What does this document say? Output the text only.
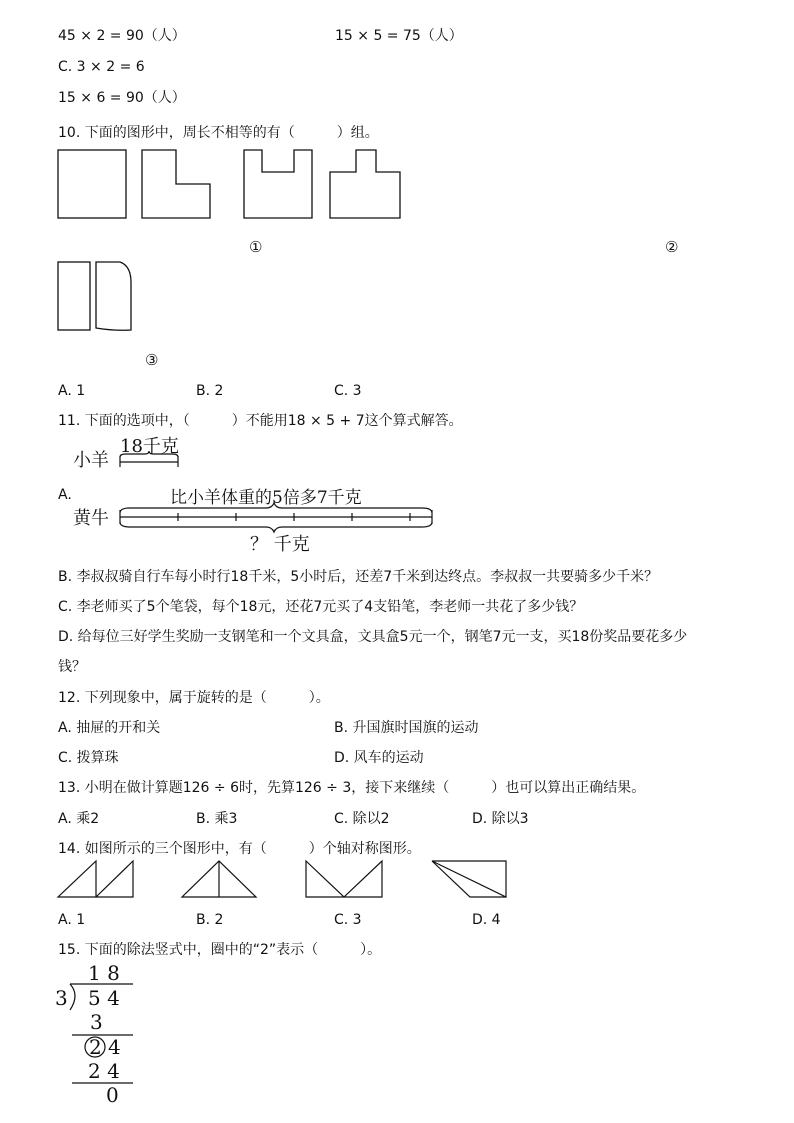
45 × 2 = 90（人）	15 × 5 = 75（人）
C. 3 × 2 = 6
15 × 6 = 90（人）
10. 下面的图形中，周长不相等的有（　　　）组。
①	②
③
A. 1	B. 2	C. 3
11. 下面的选项中，（　　　）不能用18 × 5 + 7这个算式解答。
A.
小羊
18千克
黄牛
比小羊体重的5倍多7千克
？ 千克
B. 李叔叔骑自行车每小时行18千米，5小时后，还差7千米到达终点。李叔叔一共要骑多少千米？
C. 李老师买了5个笔袋，每个18元，还花7元买了4支铅笔，李老师一共花了多少钱？
D. 给每位三好学生奖励一支钢笔和一个文具盒，文具盒5元一个，钢笔7元一支，买18份奖品要花多少
钱？
12. 下列现象中，属于旋转的是（　　　）。
A. 抽屉的开和关	B. 升国旗时国旗的运动
C. 拨算珠	D. 风车的运动
13. 小明在做计算题126 ÷ 6时，先算126 ÷ 3，接下来继续（　　　）也可以算出正确结果。
A. 乘2	B. 乘3	C. 除以2	D. 除以3
14. 如图所示的三个图形中，有（　　　）个轴对称图形。
A. 1	B. 2	C. 3	D. 4
15. 下面的除法竖式中，圈中的“2”表示（　　　）。
1 8
3 5 4
3
2 4
2 4
0
